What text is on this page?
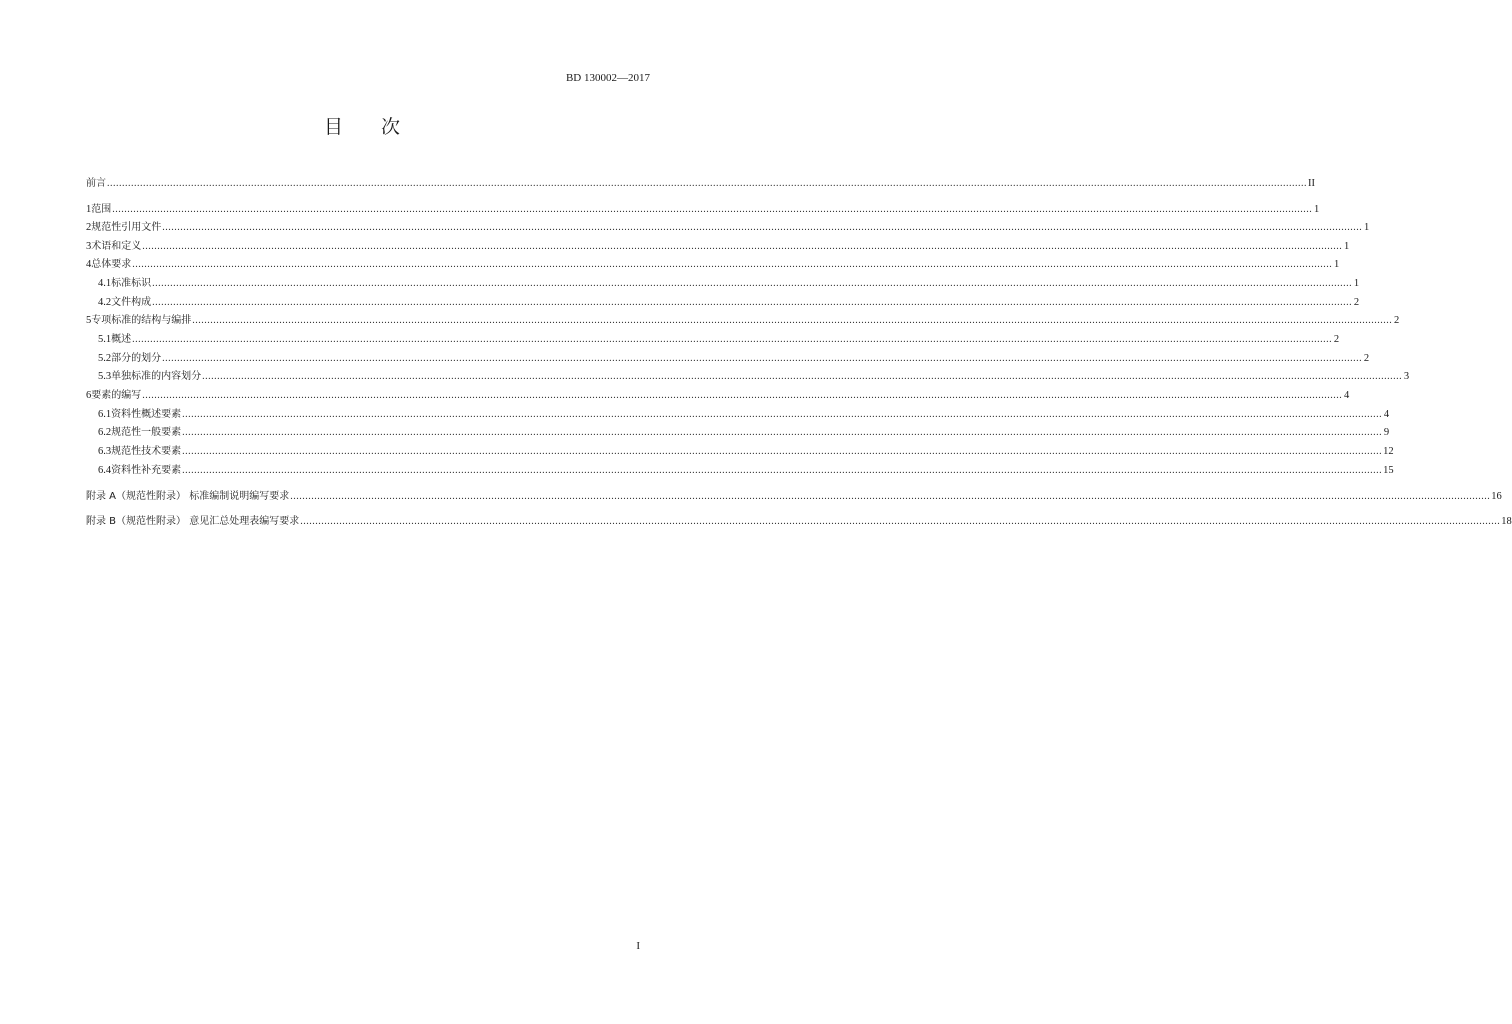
BD 130002—2017
目 次
前言 ................................................................................................................................................................................................................................................................................................................................................................................................................ II
1 范围 ................................................................................................................................................................................................................................................................................................................................................................................................................ 1
2 规范性引用文件 ................................................................................................................................................................................................................................................................................................................................................................................................................ 1
3 术语和定义 ................................................................................................................................................................................................................................................................................................................................................................................................................ 1
4 总体要求 ................................................................................................................................................................................................................................................................................................................................................................................................................ 1
4.1 标准标识 ................................................................................................................................................................................................................................................................................................................................................................................................................ 1
4.2 文件构成 ................................................................................................................................................................................................................................................................................................................................................................................................................ 2
5 专项标准的结构与编排 ................................................................................................................................................................................................................................................................................................................................................................................................................ 2
5.1 概述 ................................................................................................................................................................................................................................................................................................................................................................................................................ 2
5.2 部分的划分 ................................................................................................................................................................................................................................................................................................................................................................................................................ 2
5.3 单独标准的内容划分 ................................................................................................................................................................................................................................................................................................................................................................................................................ 3
6 要素的编写 ................................................................................................................................................................................................................................................................................................................................................................................................................ 4
6.1 资料性概述要素 ................................................................................................................................................................................................................................................................................................................................................................................................................ 4
6.2 规范性一般要素 ................................................................................................................................................................................................................................................................................................................................................................................................................ 9
6.3 规范性技术要素 ................................................................................................................................................................................................................................................................................................................................................................................................................ 12
6.4 资料性补充要素 ................................................................................................................................................................................................................................................................................................................................................................................................................ 15
附录 A（规范性附录） 标准编制说明编写要求 ................................................................................................................................................................................................................................................................................................................................................................................................................ 16
附录 B（规范性附录） 意见汇总处理表编写要求 ................................................................................................................................................................................................................................................................................................................................................................................................................ 18
I
